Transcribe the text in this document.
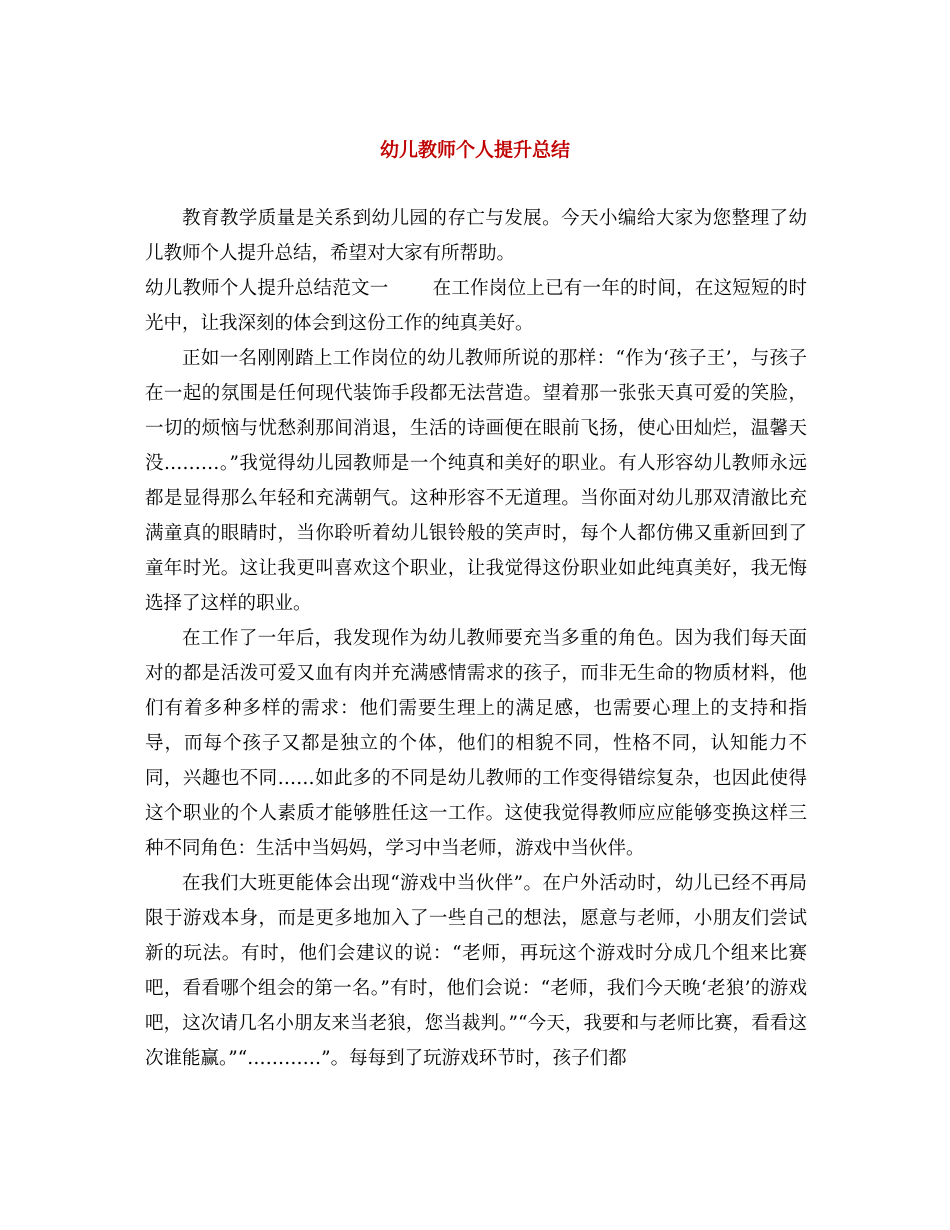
幼儿教师个人提升总结

教育教学质量是关系到幼儿园的存亡与发展。今天小编给大家为您整理了幼儿教师个人提升总结，希望对大家有所帮助。

幼儿教师个人提升总结范文一 在工作岗位上已有一年的时间，在这短短的时光中，让我深刻的体会到这份工作的纯真美好。

正如一名刚刚踏上工作岗位的幼儿教师所说的那样：“作为‘孩子王’，与孩子在一起的氛围是任何现代装饰手段都无法营造。望着那一张张天真可爱的笑脸，一切的烦恼与忧愁刹那间消退，生活的诗画便在眼前飞扬，使心田灿烂，温馨天没………。”我觉得幼儿园教师是一个纯真和美好的职业。有人形容幼儿教师永远都是显得那么年轻和充满朝气。这种形容不无道理。当你面对幼儿那双清澈比充满童真的眼睛时，当你聆听着幼儿银铃般的笑声时，每个人都仿佛又重新回到了童年时光。这让我更叫喜欢这个职业，让我觉得这份职业如此纯真美好，我无悔选择了这样的职业。

在工作了一年后，我发现作为幼儿教师要充当多重的角色。因为我们每天面对的都是活泼可爱又血有肉并充满感情需求的孩子，而非无生命的物质材料，他们有着多种多样的需求：他们需要生理上的满足感，也需要心理上的支持和指导，而每个孩子又都是独立的个体，他们的相貌不同，性格不同，认知能力不同，兴趣也不同……如此多的不同是幼儿教师的工作变得错综复杂，也因此使得这个职业的个人素质才能够胜任这一工作。这使我觉得教师应应能够变换这样三种不同角色：生活中当妈妈，学习中当老师，游戏中当伙伴。

在我们大班更能体会出现“游戏中当伙伴”。在户外活动时，幼儿已经不再局限于游戏本身，而是更多地加入了一些自己的想法，愿意与老师，小朋友们尝试新的玩法。有时，他们会建议的说：“老师，再玩这个游戏时分成几个组来比赛吧，看看哪个组会的第一名。”有时，他们会说：“老师，我们今天晚‘老狼’的游戏吧，这次请几名小朋友来当老狼，您当裁判。”“今天，我要和与老师比赛，看看这次谁能赢。”“…………”。每每到了玩游戏环节时，孩子们都
